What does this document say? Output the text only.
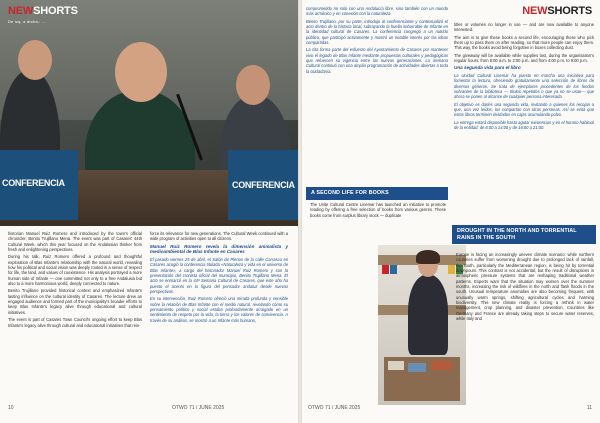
CONFERENCIA	CONFERENCIA
NEWSHORTS
De izq. a drcha.: ...

historian Manuel Ruiz Romero and introduced by the town's official chronicler, Benito Trujillano Mena. The event was part of Casares' 44th Cultural Week, which this year focused on the Andalusian thinker from fresh and enlightening perspectives.

During his talk, Ruiz Romero offered a profound and thoughtful exploration of Blas Infante's relationship with the natural world, revealing how his political and social vision was deeply rooted in a sense of respect for life, the land, and values of coexistence. His analysis portrayed a more human side of Infante — one committed not only to a free Andalusia but also to a more harmonious world, deeply connected to nature.

Benito Trujillano provided historical context and emphasized Infante's lasting influence on the cultural identity of Casares. The lecture drew an engaged audience and formed part of the municipality's broader efforts to keep Blas Infante's legacy alive through educational and cultural initiatives.

The event is part of Casares Town Council's ongoing effort to keep Blas Infante's legacy alive through cultural and educational initiatives that rein-

force its relevance for new generations. The Cultural Week continued with a wide program of activities open to all citizens.

Manuel Ruiz Romero revela la dimensión animalista y medioambiental de Blas Infante en Casares

El pasado viernes 25 de abril, el Salón de Plenos de la calle Carrasco en Casares acogió la conferencia titulada «Naturaleza y vida en el universo de Blas Infante», a cargo del historiador Manuel Ruiz Romero y con la presentación del cronista oficial del municipio, Benito Trujillano Mena. El acto se enmarcó en la 44ª Semana Cultural de Casares, que este año ha puesto el acento en la figura del pensador andaluz desde nuevas perspectivas.

En su intervención, Ruiz Romero ofreció una mirada profunda y sensible sobre la relación de Blas Infante con el medio natural, revelando cómo su pensamiento político y social estaba profundamente arraigado en un sentimiento de respeto por la vida, la tierra y los valores de convivencia. A través de su análisis, se mostró a un Infante más humano,

10	OTWO 71 / JUNE 2025
NEWSHORTS

comprometido no solo con una Andalucía libre, sino también con un mundo más armónico y en conexión con la naturaleza.

Benito Trujillano, por su parte, introdujo al conferenciante y contextualizó el acto dentro de la historia local, subrayando la huella imborrable de Infante en la identidad cultural de Casares. La conferencia congregó a un nutrido público, que participó activamente y mostró un notable interés por las ideas compartidas.

La cita forma parte del esfuerzo del Ayuntamiento de Casares por mantener vivo el legado de Blas Infante mediante propuestas culturales y pedagógicas que refuercen su vigencia entre las nuevas generaciones. La Semana Cultural continuó con una amplia programación de actividades abiertas a toda la ciudadanía.

A SECOND LIFE FOR BOOKS

The Unite Cultural Centre Linemar has launched an initiative to promote reading by offering a free selection of books from various genres. These books come from surplus library stock — duplicate

titles or volumes no longer in use — and are now available to anyone interested.

The aim is to give these books a second life, encouraging those who pick them up to pass them on after reading, so that more people can enjoy them. This way, the books avoid being forgotten in boxes collecting dust.

The giveaway will be available while supplies last, during the organisation's regular hours: from 8:00 a.m. to 2:00 p.m. and from 4:00 p.m. to 9:00 p.m.

Una segunda vida para el libro

La Unidad Cultural Linemar ha puesto en marcha una iniciativa para fomentar la lectura, ofreciendo gratuitamente una selección de libros de diversos géneros. Se trata de ejemplares procedentes de los fondos sobrantes de la biblioteca — títulos repetidos o que ya no se usan— que ahora se ponen al alcance de cualquier persona interesada.

El objetivo es darles una segunda vida, invitando a quienes los recojan a que, una vez leídos, los compartan con otras personas. Así se evita que estos libros terminen olvidados en cajas acumulando polvo.

La entrega estará disponible hasta agotar existencias y en el horario habitual de la entidad: de 8:00 a 14:00 y de 16:00 a 21:00.

DROUGHT IN THE NORTH AND TORRENTIAL RAINS IN THE SOUTH

Europe is facing an increasingly uneven climate scenario: while northern countries suffer from worsening drought due to prolonged lack of rainfall, the south, particularly the Mediterranean region, is being hit by torrential downpours. This contrast is not accidental, but the result of disruptions in atmospheric pressure systems that are reshaping traditional weather patterns. Experts warn that the situation may worsen over the summer months, increasing the risk of wildfires in the north and flash floods in the south. Unusual temperature anomalies are also becoming frequent, with unusually warm springs, shifting agricultural cycles and harming biodiversity. This new climate reality is forcing a rethink in water management, crop planning, and disaster prevention. Countries like Germany and France are already taking steps to secure water reserves, while Italy and

OTWO 71 / JUNE 2025	11
